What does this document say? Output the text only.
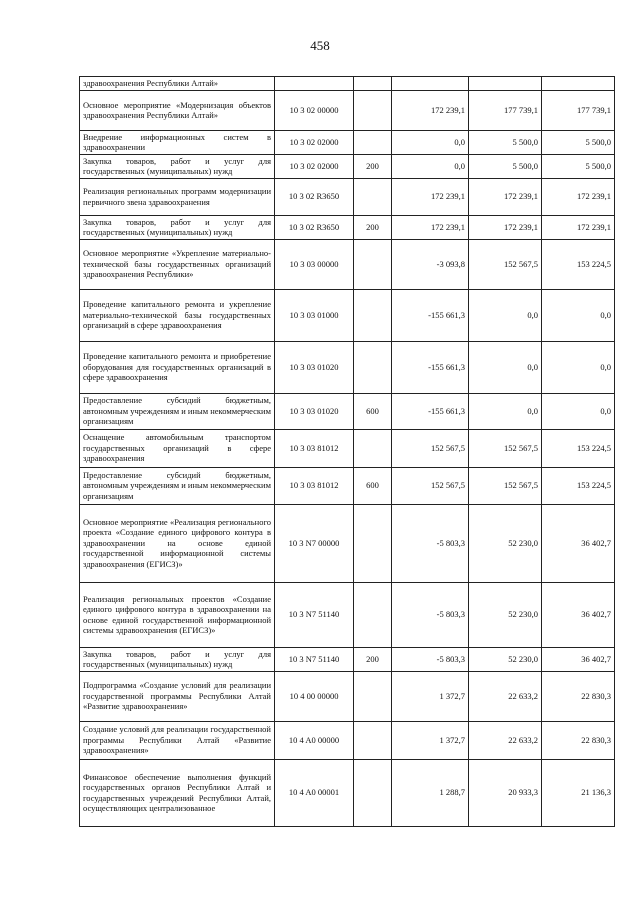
458
здравоохранения Республики Алтай»					
Основное мероприятие «Модернизация объектов здравоохранения Республики Алтай»	10 3 02 00000		172 239,1	177 739,1	177 739,1
Внедрение информационных систем в здравоохранении	10 3 02 02000		0,0	5 500,0	5 500,0
Закупка товаров, работ и услуг для государственных (муниципальных) нужд	10 3 02 02000	200	0,0	5 500,0	5 500,0
Реализация региональных программ модернизации первичного звена здравоохранения	10 3 02 R3650		172 239,1	172 239,1	172 239,1
Закупка товаров, работ и услуг для государственных (муниципальных) нужд	10 3 02 R3650	200	172 239,1	172 239,1	172 239,1
Основное мероприятие «Укрепление материально-технической базы государственных организаций здравоохранения Республики»	10 3 03 00000		-3 093,8	152 567,5	153 224,5
Проведение капитального ремонта и укрепление материально-технической базы государственных организаций в сфере здравоохранения	10 3 03 01000		-155 661,3	0,0	0,0
Проведение капитального ремонта и приобретение оборудования для государственных организаций в сфере здравоохранения	10 3 03 01020		-155 661,3	0,0	0,0
Предоставление субсидий бюджетным, автономным учреждениям и иным некоммерческим организациям	10 3 03 01020	600	-155 661,3	0,0	0,0
Оснащение автомобильным транспортом государственных организаций в сфере здравоохранения	10 3 03 81012		152 567,5	152 567,5	153 224,5
Предоставление субсидий бюджетным, автономным учреждениям и иным некоммерческим организациям	10 3 03 81012	600	152 567,5	152 567,5	153 224,5
Основное мероприятие «Реализация регионального проекта «Создание единого цифрового контура в здравоохранении на основе единой государственной информационной системы здравоохранения (ЕГИСЗ)»	10 3 N7 00000		-5 803,3	52 230,0	36 402,7
Реализация региональных проектов «Создание единого цифрового контура в здравоохранении на основе единой государственной информационной системы здравоохранения (ЕГИСЗ)»	10 3 N7 51140		-5 803,3	52 230,0	36 402,7
Закупка товаров, работ и услуг для государственных (муниципальных) нужд	10 3 N7 51140	200	-5 803,3	52 230,0	36 402,7
Подпрограмма «Создание условий для реализации государственной программы Республики Алтай «Развитие здравоохранения»	10 4 00 00000		1 372,7	22 633,2	22 830,3
Создание условий для реализации государственной программы Республики Алтай «Развитие здравоохранения»	10 4 A0 00000		1 372,7	22 633,2	22 830,3
Финансовое обеспечение выполнения функций государственных органов Республики Алтай и государственных учреждений Республики Алтай, осуществляющих централизованное	10 4 A0 00001		1 288,7	20 933,3	21 136,3
